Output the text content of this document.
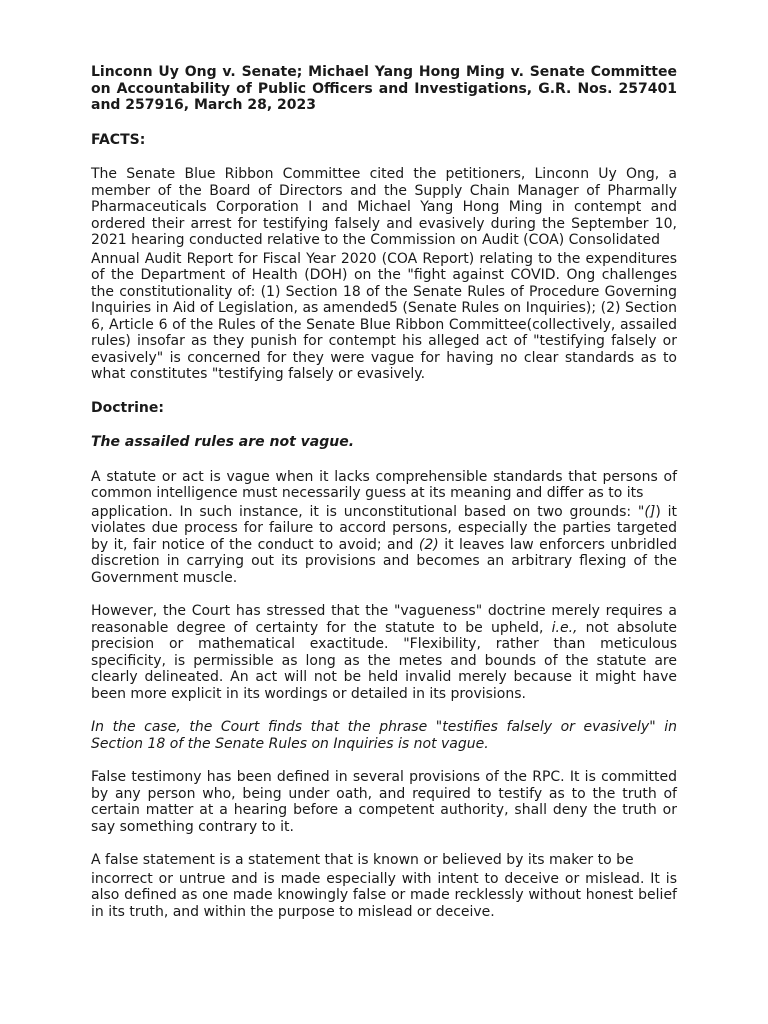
Linconn Uy Ong v. Senate; Michael Yang Hong Ming v. Senate Committee on Accountability of Public Officers and Investigations, G.R. Nos. 257401 and 257916, March 28, 2023
FACTS:

The Senate Blue Ribbon Committee cited the petitioners, Linconn Uy Ong, a member of the Board of Directors and the Supply Chain Manager of Pharmally Pharmaceuticals Corporation I and Michael Yang Hong Ming in contempt and ordered their arrest for testifying falsely and evasively during the September 10, 2021 hearing conducted relative to the Commission on Audit (COA) Consolidated
Annual Audit Report for Fiscal Year 2020 (COA Report) relating to the expenditures of the Department of Health (DOH) on the "fight against COVID. Ong challenges the constitutionality of: (1) Section 18 of the Senate Rules of Procedure Governing Inquiries in Aid of Legislation, as amended5 (Senate Rules on Inquiries); (2) Section 6, Article 6 of the Rules of the Senate Blue Ribbon Committee(collectively, assailed rules) insofar as they punish for contempt his alleged act of "testifying falsely or evasively" is concerned for they were vague for having no clear standards as to what constitutes "testifying falsely or evasively.

Doctrine:
The assailed rules are not vague.

A statute or act is vague when it lacks comprehensible standards that persons of common intelligence must necessarily guess at its meaning and differ as to its
application. In such instance, it is unconstitutional based on two grounds: "(]) it violates due process for failure to accord persons, especially the parties targeted by it, fair notice of the conduct to avoid; and (2) it leaves law enforcers unbridled discretion in carrying out its provisions and becomes an arbitrary flexing of the Government muscle.

However, the Court has stressed that the "vagueness" doctrine merely requires a reasonable degree of certainty for the statute to be upheld, i.e., not absolute precision or mathematical exactitude. "Flexibility, rather than meticulous specificity, is permissible as long as the metes and bounds of the statute are clearly delineated. An act will not be held invalid merely because it might have been more explicit in its wordings or detailed in its provisions.

In the case, the Court finds that the phrase "testifies falsely or evasively" in Section 18 of the Senate Rules on Inquiries is not vague.

False testimony has been defined in several provisions of the RPC. It is committed by any person who, being under oath, and required to testify as to the truth of certain matter at a hearing before a competent authority, shall deny the truth or say something contrary to it.

A false statement is a statement that is known or believed by its maker to be
incorrect or untrue and is made especially with intent to deceive or mislead. It is also defined as one made knowingly false or made recklessly without honest belief in its truth, and within the purpose to mislead or deceive.
